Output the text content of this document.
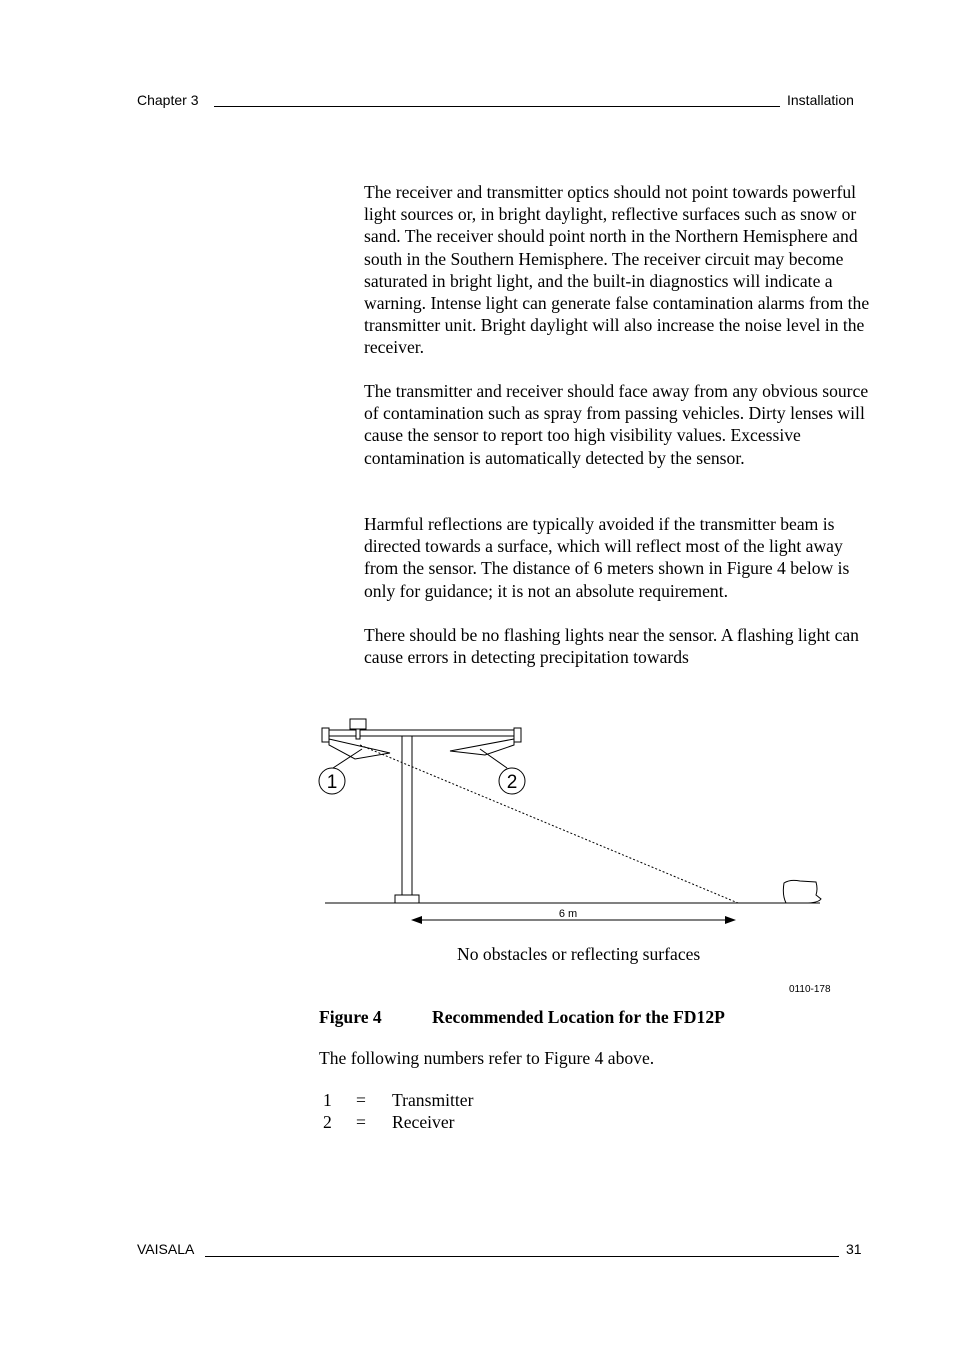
Chapter 3	Installation

The receiver and transmitter optics should not point towards powerful light sources or, in bright daylight, reflective surfaces such as snow or sand. The receiver should point north in the Northern Hemisphere and south in the Southern Hemisphere. The receiver circuit may become saturated in bright light, and the built-in diagnostics will indicate a warning. Intense light can generate false contamination alarms from the transmitter unit. Bright daylight will also increase the noise level in the receiver.

The transmitter and receiver should face away from any obvious source of contamination such as spray from passing vehicles. Dirty lenses will cause the sensor to report too high visibility values. Excessive contamination is automatically detected by the sensor.

Harmful reflections are typically avoided if the transmitter beam is directed towards a surface, which will reflect most of the light away from the sensor. The distance of 6 meters shown in Figure 4 below is only for guidance; it is not an absolute requirement.

There should be no flashing lights near the sensor. A flashing light can cause errors in detecting precipitation towards

1	2
6 m
No obstacles or reflecting surfaces
0110-178
Figure 4	Recommended Location for the FD12P
The following numbers refer to Figure 4 above.
1 = Transmitter
2 = Receiver
VAISALA	31
